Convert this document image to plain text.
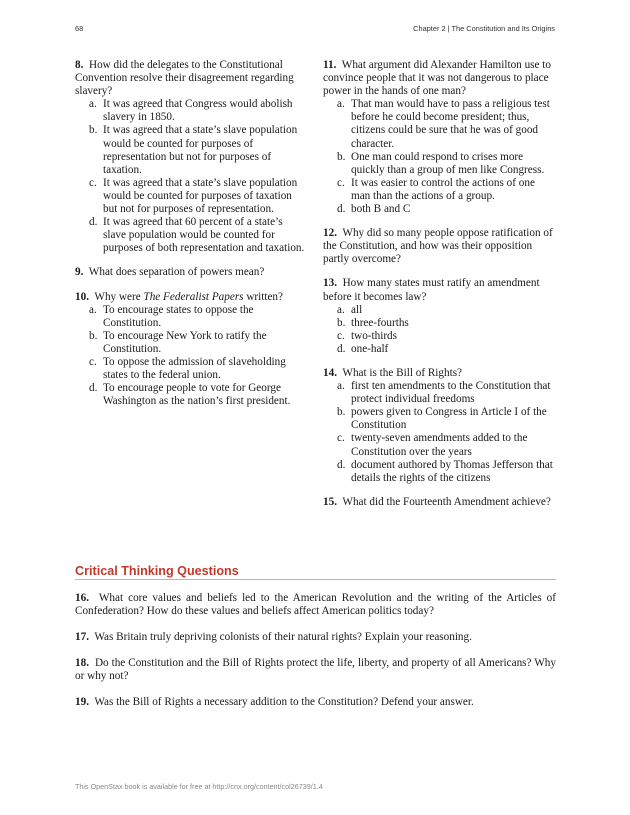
68	Chapter 2 | The Constitution and Its Origins

8. How did the delegates to the Constitutional Convention resolve their disagreement regarding slavery?

a. It was agreed that Congress would abolish slavery in 1850.
b. It was agreed that a state’s slave population would be counted for purposes of representation but not for purposes of taxation.
c. It was agreed that a state’s slave population would be counted for purposes of taxation but not for purposes of representation.
d. It was agreed that 60 percent of a state’s slave population would be counted for purposes of both representation and taxation.

9. What does separation of powers mean?

10. Why were The Federalist Papers written?

a. To encourage states to oppose the Constitution.
b. To encourage New York to ratify the Constitution.
c. To oppose the admission of slaveholding states to the federal union.
d. To encourage people to vote for George Washington as the nation’s first president.

11. What argument did Alexander Hamilton use to convince people that it was not dangerous to place power in the hands of one man?

a. That man would have to pass a religious test before he could become president; thus, citizens could be sure that he was of good character.
b. One man could respond to crises more quickly than a group of men like Congress.
c. It was easier to control the actions of one man than the actions of a group.
d. both B and C

12. Why did so many people oppose ratification of the Constitution, and how was their opposition partly overcome?

13. How many states must ratify an amendment before it becomes law?

a. all
b. three-fourths
c. two-thirds
d. one-half

14. What is the Bill of Rights?

a. first ten amendments to the Constitution that protect individual freedoms
b. powers given to Congress in Article I of the Constitution
c. twenty-seven amendments added to the Constitution over the years
d. document authored by Thomas Jefferson that details the rights of the citizens

15. What did the Fourteenth Amendment achieve?

Critical Thinking Questions

16. What core values and beliefs led to the American Revolution and the writing of the Articles of Confederation? How do these values and beliefs affect American politics today?

17. Was Britain truly depriving colonists of their natural rights? Explain your reasoning.

18. Do the Constitution and the Bill of Rights protect the life, liberty, and property of all Americans? Why or why not?

19. Was the Bill of Rights a necessary addition to the Constitution? Defend your answer.

This OpenStax book is available for free at http://cnx.org/content/col26739/1.4
